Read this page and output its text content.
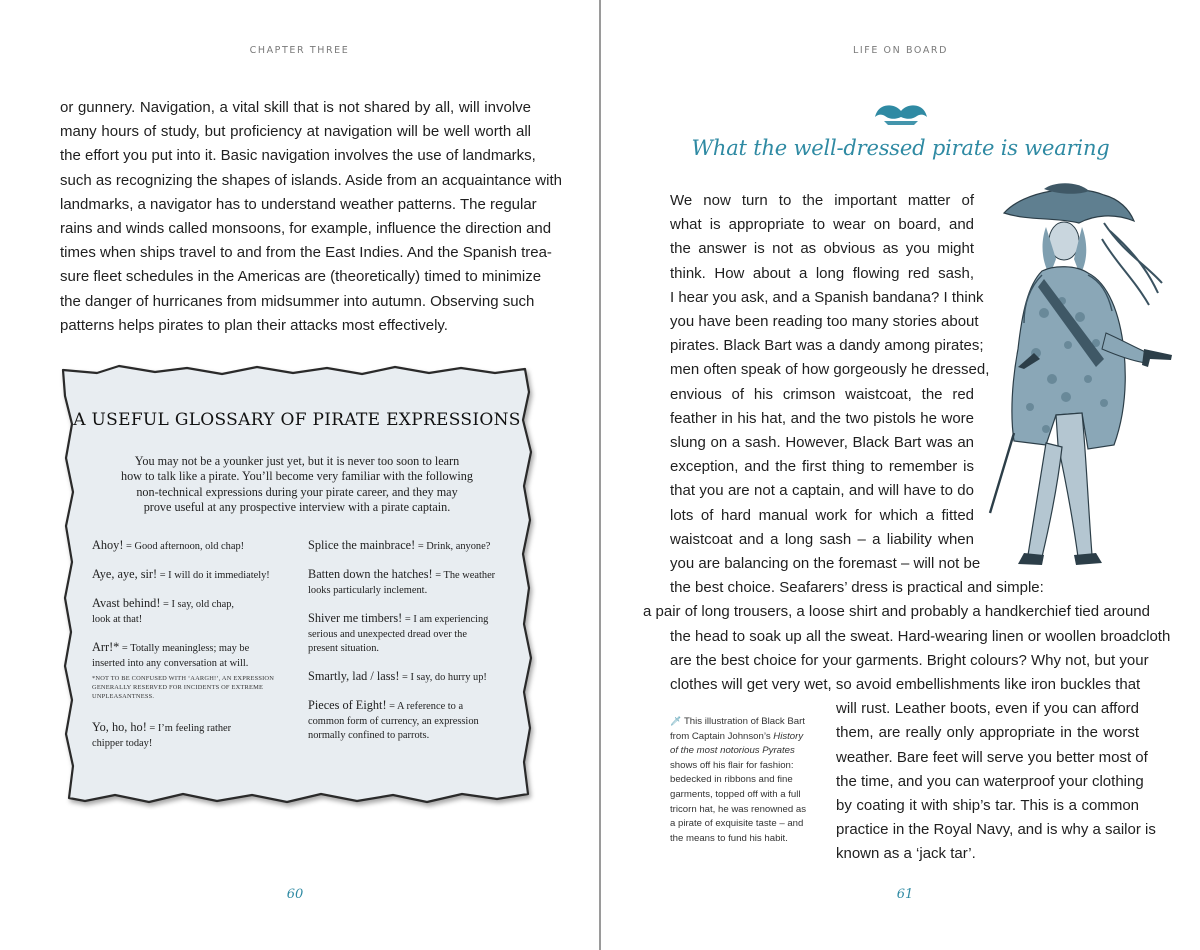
CHAPTER THREE
or gunnery. Navigation, a vital skill that is not shared by all, will involve
many hours of study, but proficiency at navigation will be well worth all
the effort you put into it. Basic navigation involves the use of landmarks,
such as recognizing the shapes of islands. Aside from an acquaintance with
landmarks, a navigator has to understand weather patterns. The regular
rains and winds called monsoons, for example, influence the direction and
times when ships travel to and from the East Indies. And the Spanish trea-
sure fleet schedules in the Americas are (theoretically) timed to minimize
the danger of hurricanes from midsummer into autumn. Observing such
patterns helps pirates to plan their attacks most effectively.
A USEFUL GLOSSARY OF PIRATE EXPRESSIONS
You may not be a younker just yet, but it is never too soon to learn
how to talk like a pirate. You’ll become very familiar with the following
non-technical expressions during your pirate career, and they may
prove useful at any prospective interview with a pirate captain.
Ahoy! = Good afternoon, old chap!
Aye, aye, sir! = I will do it immediately!
Avast behind! = I say, old chap,
look at that!
Arr!* = Totally meaningless; may be
inserted into any conversation at will.
*NOT TO BE CONFUSED WITH ‘AARGH!’, AN EXPRESSION
GENERALLY RESERVED FOR INCIDENTS OF EXTREME
UNPLEASANTNESS.
Yo, ho, ho! = I’m feeling rather
chipper today!
Splice the mainbrace! = Drink, anyone?
Batten down the hatches! = The weather
looks particularly inclement.
Shiver me timbers! = I am experiencing
serious and unexpected dread over the
present situation.
Smartly, lad / lass! = I say, do hurry up!
Pieces of Eight! = A reference to a
common form of currency, an expression
normally confined to parrots.
60
LIFE ON BOARD
What the well-dressed pirate is wearing
We now turn to the important matter of
what is appropriate to wear on board, and
the answer is not as obvious as you might
think. How about a long flowing red sash,
I hear you ask, and a Spanish bandana? I think
you have been reading too many stories about
pirates. Black Bart was a dandy among pirates;
men often speak of how gorgeously he dressed,
envious of his crimson waistcoat, the red
feather in his hat, and the two pistols he wore
slung on a sash. However, Black Bart was an
exception, and the first thing to remember is
that you are not a captain, and will have to do
lots of hard manual work for which a fitted
waistcoat and a long sash – a liability when
you are balancing on the foremast – will not be
the best choice. Seafarers’ dress is practical and simple:
a pair of long trousers, a loose shirt and probably a handkerchief tied around
the head to soak up all the sweat. Hard-wearing linen or woollen broadcloth
are the best choice for your garments. Bright colours? Why not, but your
clothes will get very wet, so avoid embellishments like iron buckles that
will rust. Leather boots, even if you can afford
them, are really only appropriate in the worst
weather. Bare feet will serve you better most of
the time, and you can waterproof your clothing
by coating it with ship’s tar. This is a common
practice in the Royal Navy, and is why a sailor is
known as a ‘jack tar’.
🗡 This illustration of Black Bart
from Captain Johnson’s History
of the most notorious Pyrates
shows off his flair for fashion:
bedecked in ribbons and fine
garments, topped off with a full
tricorn hat, he was renowned as
a pirate of exquisite taste – and
the means to fund his habit.
61
